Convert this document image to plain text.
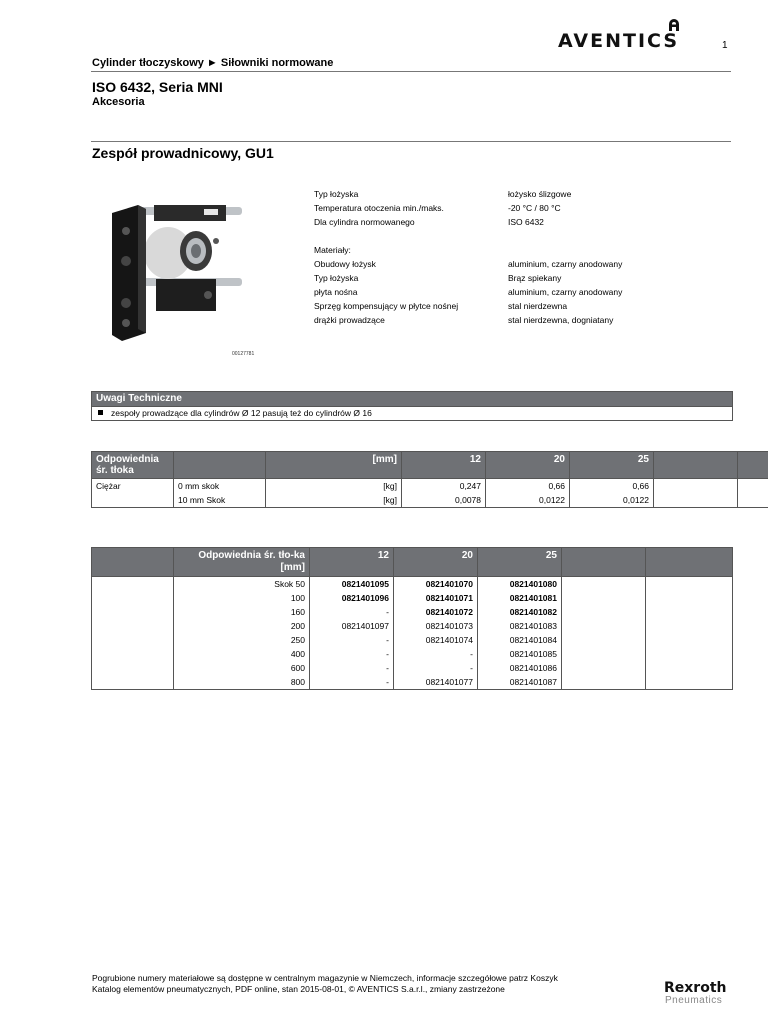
AVENTICS	1
Cylinder tłoczyskowy ► Siłowniki normowane
ISO 6432, Seria MNI
Akcesoria
Zespół prowadnicowy, GU1
00127781
Typ łożyska	łożysko ślizgowe
Temperatura otoczenia min./maks.	-20 °C / 80 °C
Dla cylindra normowanego	ISO 6432
Materiały:
Obudowy łożysk	aluminium, czarny anodowany
Typ łożyska	Brąz spiekany
płyta nośna	aluminium, czarny anodowany
Sprzęg kompensujący w płytce nośnej	stal nierdzewna
drążki prowadzące	stal nierdzewna, dogniatany
Uwagi Techniczne
zespoły prowadzące dla cylindrów Ø 12 pasują też do cylindrów Ø 16
Odpowiednia śr. tłoka		[mm]	12	20	25		
Ciężar	0 mm skok	[kg]	0,247	0,66	0,66		
	10 mm Skok	[kg]	0,0078	0,0122	0,0122		
	Odpowiednia śr. tło-ka [mm]	12	20	25		
	Skok 50	0821401095	0821401070	0821401080		
	100	0821401096	0821401071	0821401081		
	160	-	0821401072	0821401082		
	200	0821401097	0821401073	0821401083		
	250	-	0821401074	0821401084		
	400	-	-	0821401085		
	600	-	-	0821401086		
	800	-	0821401077	0821401087		
Pogrubione numery materiałowe są dostępne w centralnym magazynie w Niemczech, informacje szczegółowe patrz Koszyk
Katalog elementów pneumatycznych, PDF online, stan 2015-08-01, © AVENTICS S.a.r.l., zmiany zastrzeżone	Rexroth
Pneumatics
